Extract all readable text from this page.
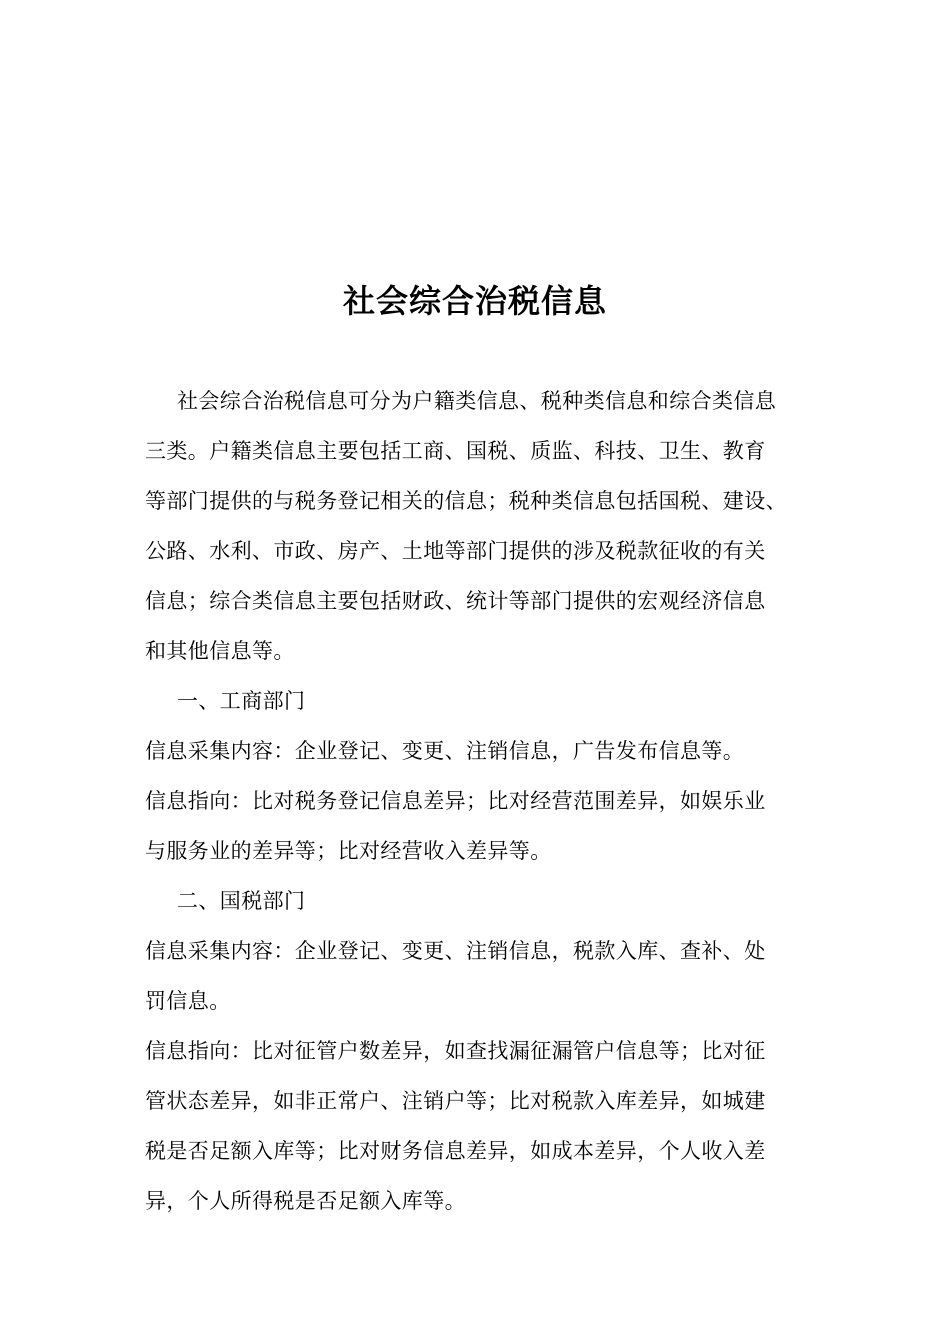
社会综合治税信息

社会综合治税信息可分为户籍类信息、税种类信息和综合类信息

三类。户籍类信息主要包括工商、国税、质监、科技、卫生、教育

等部门提供的与税务登记相关的信息；税种类信息包括国税、建设、

公路、水利、市政、房产、土地等部门提供的涉及税款征收的有关

信息；综合类信息主要包括财政、统计等部门提供的宏观经济信息

和其他信息等。

一、工商部门

信息采集内容：企业登记、变更、注销信息，广告发布信息等。

信息指向：比对税务登记信息差异；比对经营范围差异，如娱乐业

与服务业的差异等；比对经营收入差异等。

二、国税部门

信息采集内容：企业登记、变更、注销信息，税款入库、查补、处

罚信息。

信息指向：比对征管户数差异，如查找漏征漏管户信息等；比对征

管状态差异，如非正常户、注销户等；比对税款入库差异，如城建

税是否足额入库等；比对财务信息差异，如成本差异，个人收入差

异，个人所得税是否足额入库等。
